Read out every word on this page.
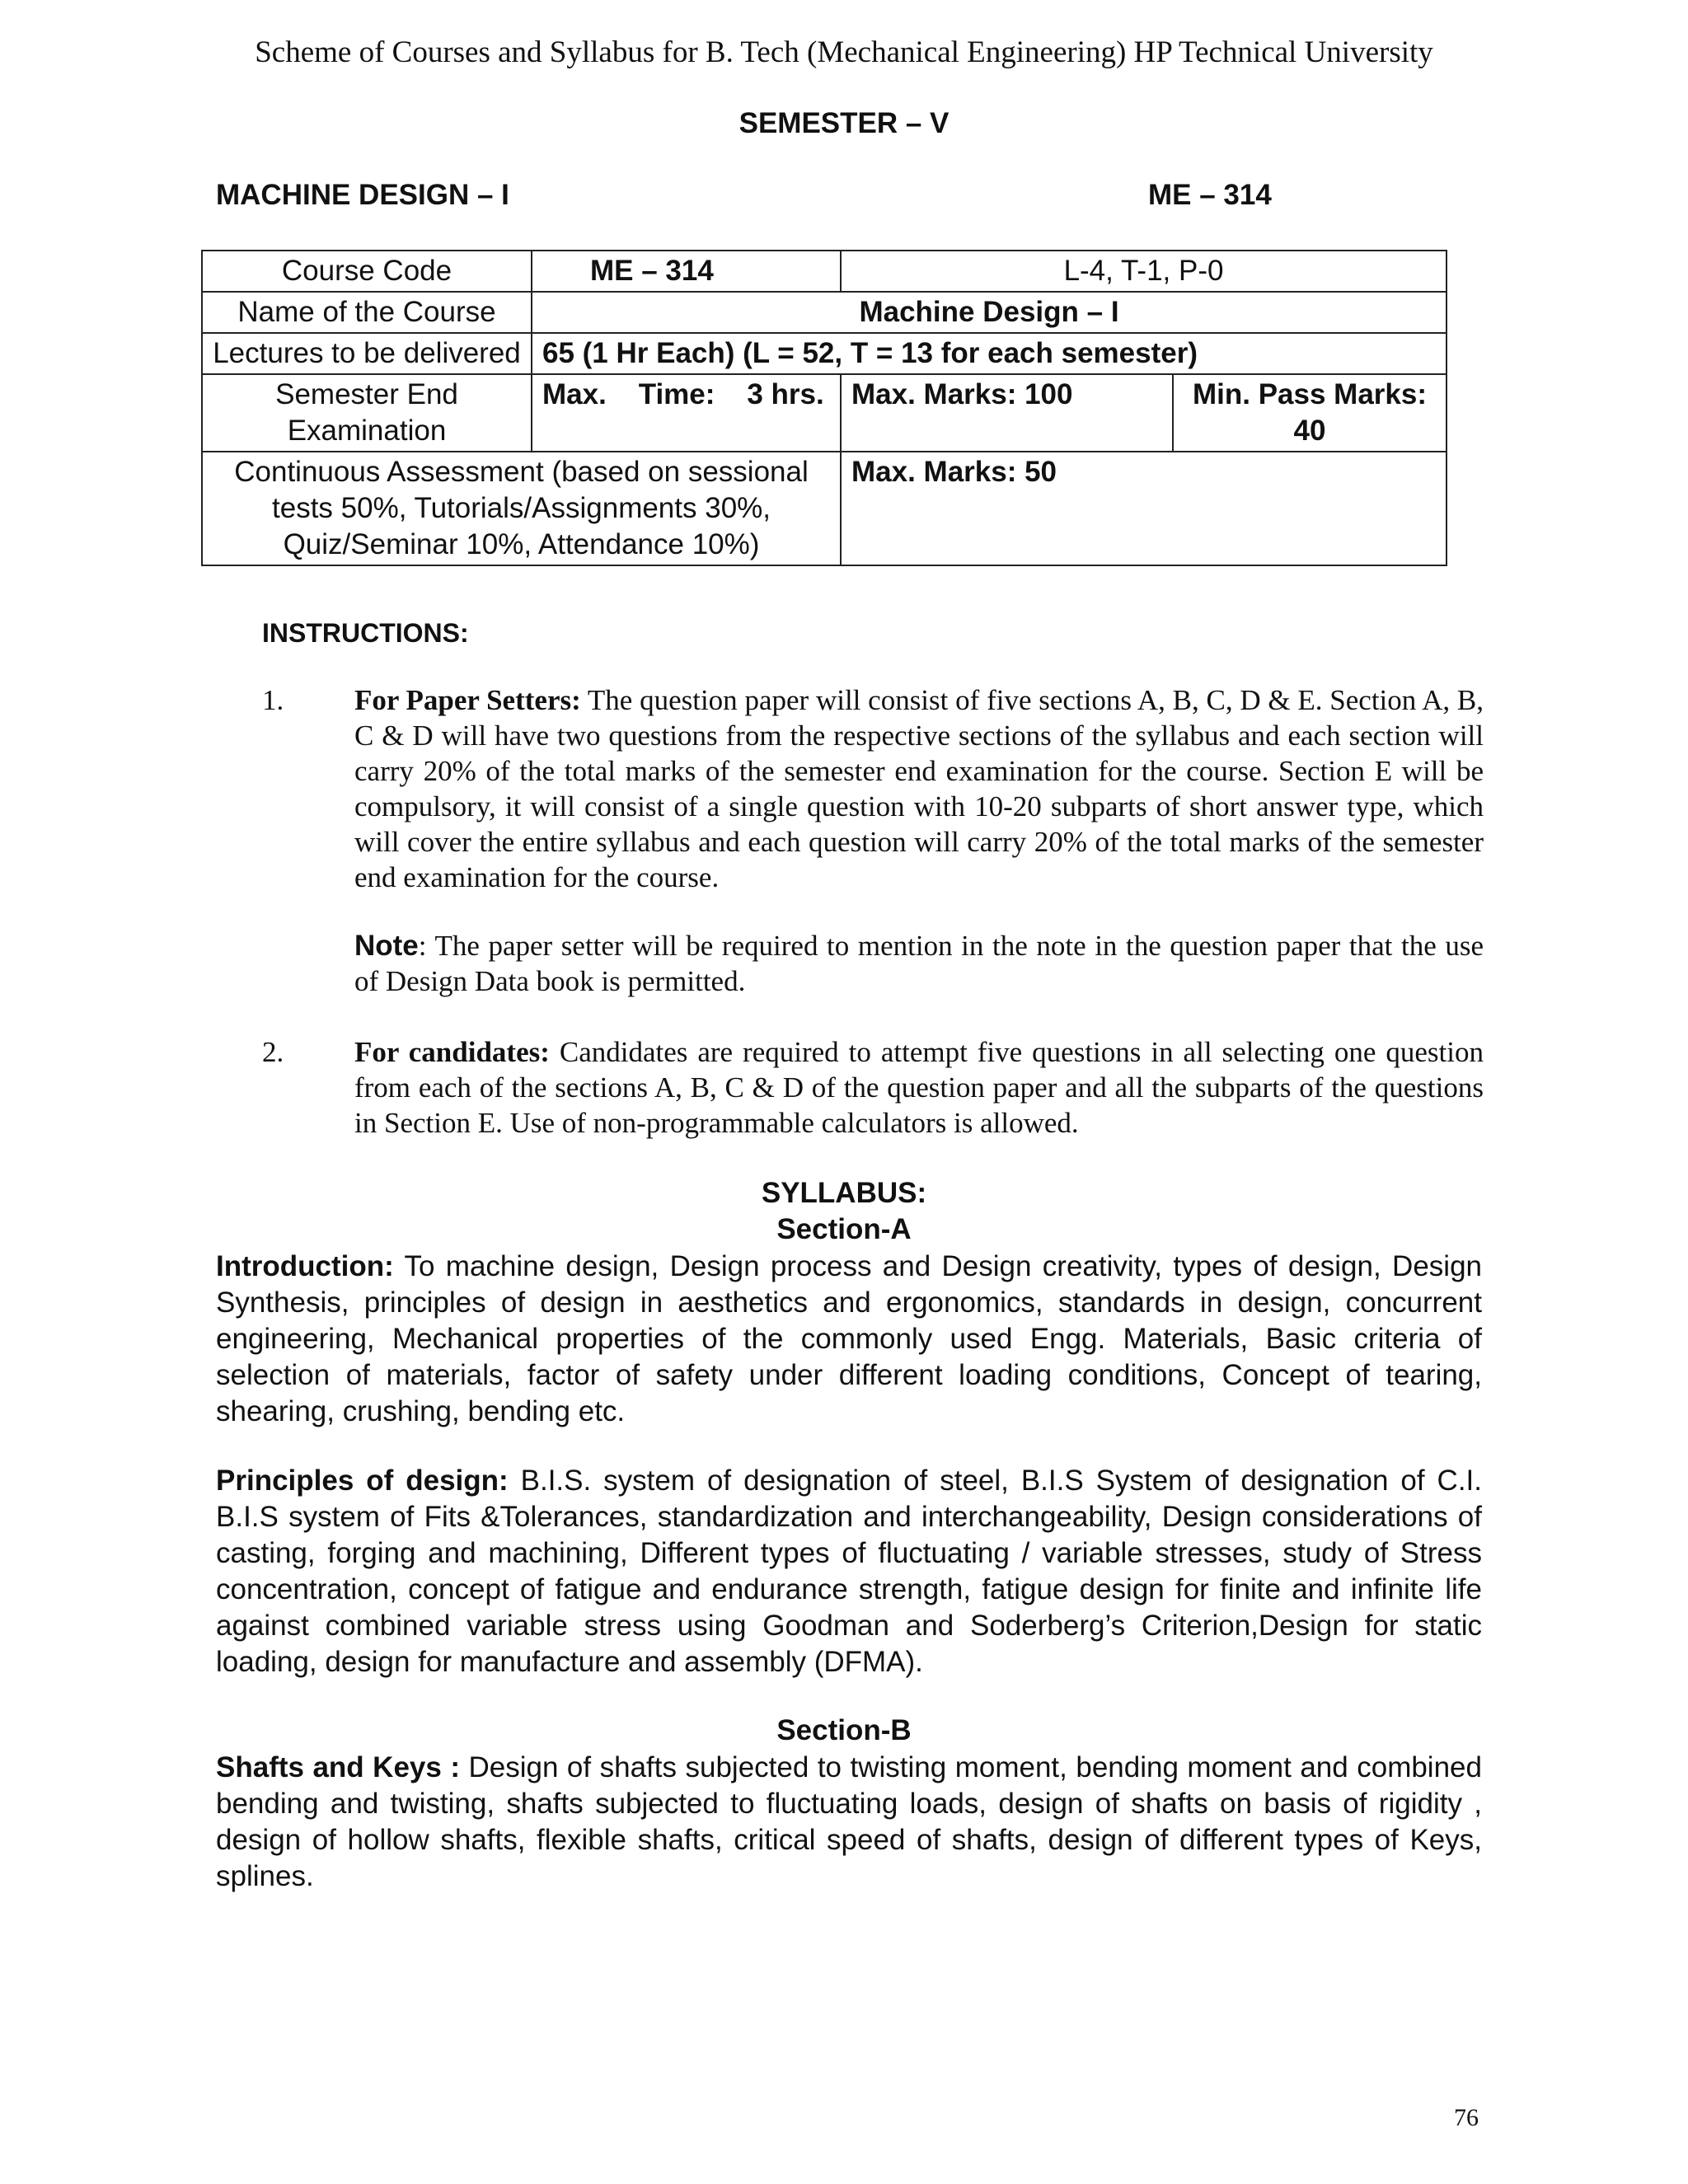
Scheme of Courses and Syllabus for B. Tech (Mechanical Engineering) HP Technical University
SEMESTER – V
MACHINE DESIGN – I	ME – 314
Course Code	ME – 314	L-4, T-1, P-0	
Name of the Course	Machine Design – I		
Lectures to be delivered	65 (1 Hr Each) (L = 52, T = 13 for each semester)		
Semester End Examination	Max.    Time:    3 hrs.	Max. Marks: 100	Min. Pass Marks: 40
Continuous Assessment (based on sessional tests 50%, Tutorials/Assignments 30%, Quiz/Seminar 10%, Attendance 10%)		Max. Marks: 50	
INSTRUCTIONS:
1. For Paper Setters: The question paper will consist of five sections A, B, C, D & E. Section A, B, C & D will have two questions from the respective sections of the syllabus and each section will carry 20% of the total marks of the semester end examination for the course. Section E will be compulsory, it will consist of a single question with 10-20 subparts of short answer type, which will cover the entire syllabus and each question will carry 20% of the total marks of the semester end examination for the course.
Note: The paper setter will be required to mention in the note in the question paper that the use of Design Data book is permitted.
2. For candidates: Candidates are required to attempt five questions in all selecting one question from each of the sections A, B, C & D of the question paper and all the subparts of the questions in Section E. Use of non-programmable calculators is allowed.
SYLLABUS:
Section-A
Introduction: To machine design, Design process and Design creativity, types of design, Design Synthesis, principles of design in aesthetics and ergonomics, standards in design, concurrent engineering, Mechanical properties of the commonly used Engg. Materials, Basic criteria of selection of materials, factor of safety under different loading conditions, Concept of tearing, shearing, crushing, bending etc.
Principles of design: B.I.S. system of designation of steel, B.I.S System of designation of C.I. B.I.S system of Fits &Tolerances, standardization and interchangeability, Design considerations of casting, forging and machining, Different types of fluctuating / variable stresses, study of Stress concentration, concept of fatigue and endurance strength, fatigue design for finite and infinite life against combined variable stress using Goodman and Soderberg’s Criterion,Design for static loading, design for manufacture and assembly (DFMA).
Section-B
Shafts and Keys : Design of shafts subjected to twisting moment, bending moment and combined bending and twisting, shafts subjected to fluctuating loads, design of shafts on basis of rigidity , design of hollow shafts, flexible shafts, critical speed of shafts, design of different types of Keys, splines.
76
